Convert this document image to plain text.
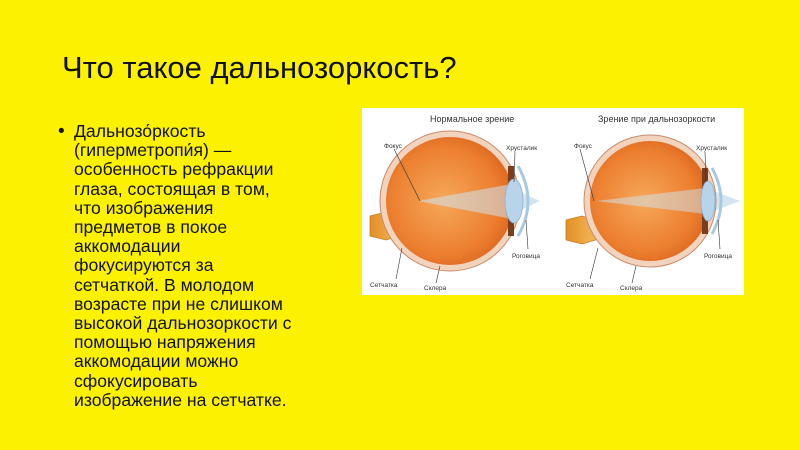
Что такое дальнозоркость?
• Дальнозо́ркость
(гиперметропи́я) —
особенность рефракции
глаза, состоящая в том,
что изображения
предметов в покое
аккомодации
фокусируются за
сетчаткой. В молодом
возрасте при не слишком
высокой дальнозоркости с
помощью напряжения
аккомодации можно
сфокусировать
изображение на сетчатке.
Нормальное зрение
Фокус	Хрусталик
Роговица
Сетчатка	Склера
Зрение при дальнозоркости
Фокус	Хрусталик
Роговица
Сетчатка	Склера
